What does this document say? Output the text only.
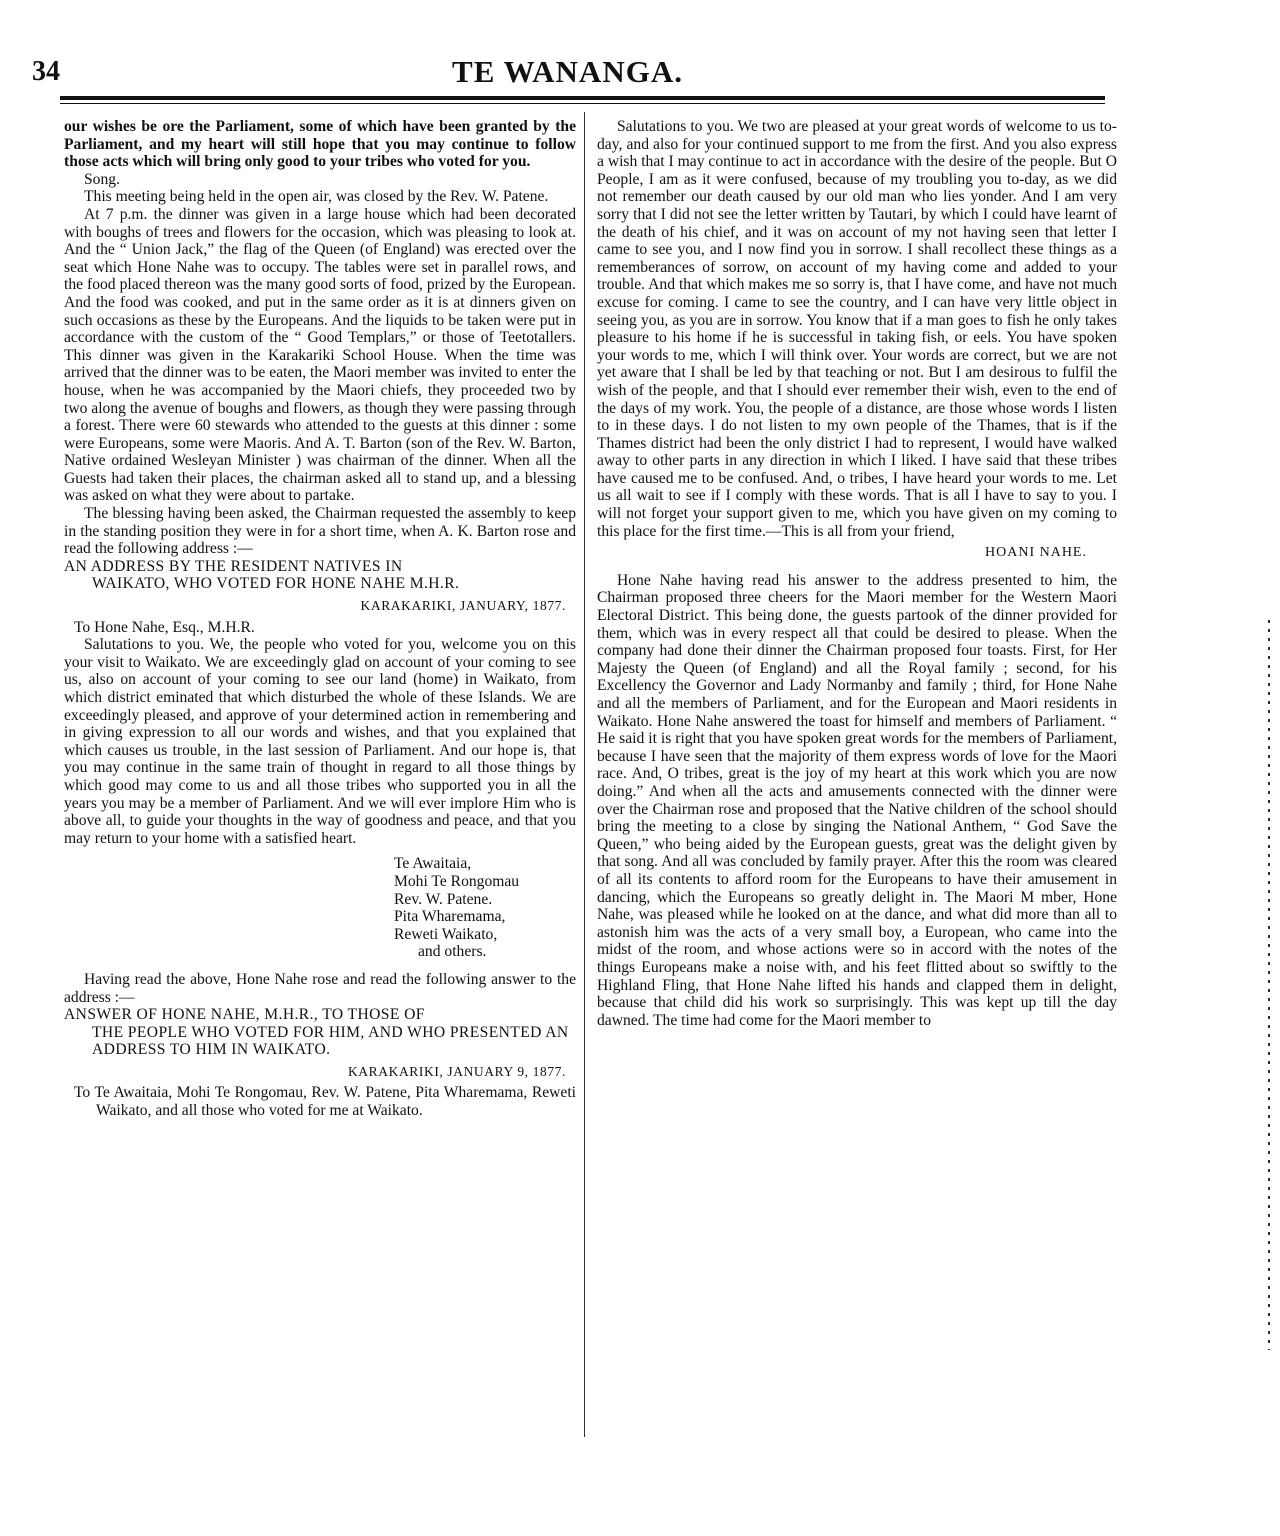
34	TE WANANGA.

our wishes be ore the Parliament, some of which have been granted by the Parliament, and my heart will still hope that you may continue to follow those acts which will bring only good to your tribes who voted for you.

Song.

This meeting being held in the open air, was closed by the Rev. W. Patene.

At 7 p.m. the dinner was given in a large house which had been decorated with boughs of trees and flowers for the occasion, which was pleasing to look at. And the “ Union Jack,” the flag of the Queen (of England) was erected over the seat which Hone Nahe was to occupy. The tables were set in parallel rows, and the food placed thereon was the many good sorts of food, prized by the European. And the food was cooked, and put in the same order as it is at dinners given on such occasions as these by the Europeans. And the liquids to be taken were put in accordance with the custom of the “ Good Templars,” or those of Teetotallers. This dinner was given in the Karakariki School House. When the time was arrived that the dinner was to be eaten, the Maori member was invited to enter the house, when he was accompanied by the Maori chiefs, they proceeded two by two along the avenue of boughs and flowers, as though they were passing through a forest. There were 60 stewards who attended to the guests at this dinner : some were Europeans, some were Maoris. And A. T. Barton (son of the Rev. W. Barton, Native ordained Wesleyan Minister ) was chairman of the dinner. When all the Guests had taken their places, the chairman asked all to stand up, and a blessing was asked on what they were about to partake.

The blessing having been asked, the Chairman requested the assembly to keep in the standing position they were in for a short time, when A. K. Barton rose and read the following address :—

AN ADDRESS BY THE RESIDENT NATIVES IN
WAIKATO, WHO VOTED FOR HONE NAHE M.H.R.
KARAKARIKI, JANUARY, 1877.

To Hone Nahe, Esq., M.H.R.

Salutations to you. We, the people who voted for you, welcome you on this your visit to Waikato. We are exceedingly glad on account of your coming to see us, also on account of your coming to see our land (home) in Waikato, from which district eminated that which disturbed the whole of these Islands. We are exceedingly pleased, and approve of your determined action in remembering and in giving expression to all our words and wishes, and that you explained that which causes us trouble, in the last session of Parliament. And our hope is, that you may continue in the same train of thought in regard to all those things by which good may come to us and all those tribes who supported you in all the years you may be a member of Parliament. And we will ever implore Him who is above all, to guide your thoughts in the way of goodness and peace, and that you may return to your home with a satisfied heart.

Te Awaitaia,
Mohi Te Rongomau
Rev. W. Patene.
Pita Wharemama,
Reweti Waikato,
and others.

Having read the above, Hone Nahe rose and read the following answer to the address :—

ANSWER OF HONE NAHE, M.H.R., TO THOSE OF
THE PEOPLE WHO VOTED FOR HIM, AND WHO PRESENTED AN ADDRESS TO HIM IN WAIKATO.
KARAKARIKI, JANUARY 9, 1877.

To Te Awaitaia, Mohi Te Rongomau, Rev. W. Patene, Pita Wharemama, Reweti Waikato, and all those who voted for me at Waikato.

Salutations to you. We two are pleased at your great words of welcome to us to-day, and also for your continued support to me from the first. And you also express a wish that I may continue to act in accordance with the desire of the people. But O People, I am as it were confused, because of my troubling you to-day, as we did not remember our death caused by our old man who lies yonder. And I am very sorry that I did not see the letter written by Tautari, by which I could have learnt of the death of his chief, and it was on account of my not having seen that letter I came to see you, and I now find you in sorrow. I shall recollect these things as a rememberances of sorrow, on account of my having come and added to your trouble. And that which makes me so sorry is, that I have come, and have not much excuse for coming. I came to see the country, and I can have very little object in seeing you, as you are in sorrow. You know that if a man goes to fish he only takes pleasure to his home if he is successful in taking fish, or eels. You have spoken your words to me, which I will think over. Your words are correct, but we are not yet aware that I shall be led by that teaching or not. But I am desirous to fulfil the wish of the people, and that I should ever remember their wish, even to the end of the days of my work. You, the people of a distance, are those whose words I listen to in these days. I do not listen to my own people of the Thames, that is if the Thames district had been the only district I had to represent, I would have walked away to other parts in any direction in which I liked. I have said that these tribes have caused me to be confused. And, o tribes, I have heard your words to me. Let us all wait to see if I comply with these words. That is all I have to say to you. I will not forget your support given to me, which you have given on my coming to this place for the first time.—This is all from your friend,

HOANI NAHE.

Hone Nahe having read his answer to the address presented to him, the Chairman proposed three cheers for the Maori member for the Western Maori Electoral District. This being done, the guests partook of the dinner provided for them, which was in every respect all that could be desired to please. When the company had done their dinner the Chairman proposed four toasts. First, for Her Majesty the Queen (of England) and all the Royal family ; second, for his Excellency the Governor and Lady Normanby and family ; third, for Hone Nahe and all the members of Parliament, and for the European and Maori residents in Waikato. Hone Nahe answered the toast for himself and members of Parliament. “ He said it is right that you have spoken great words for the members of Parliament, because I have seen that the majority of them express words of love for the Maori race. And, O tribes, great is the joy of my heart at this work which you are now doing.” And when all the acts and amusements connected with the dinner were over the Chairman rose and proposed that the Native children of the school should bring the meeting to a close by singing the National Anthem, “ God Save the Queen,” who being aided by the European guests, great was the delight given by that song. And all was concluded by family prayer. After this the room was cleared of all its contents to afford room for the Europeans to have their amusement in dancing, which the Europeans so greatly delight in. The Maori M mber, Hone Nahe, was pleased while he looked on at the dance, and what did more than all to astonish him was the acts of a very small boy, a European, who came into the midst of the room, and whose actions were so in accord with the notes of the things Europeans make a noise with, and his feet flitted about so swiftly to the Highland Fling, that Hone Nahe lifted his hands and clapped them in delight, because that child did his work so surprisingly. This was kept up till the day dawned. The time had come for the Maori member to
